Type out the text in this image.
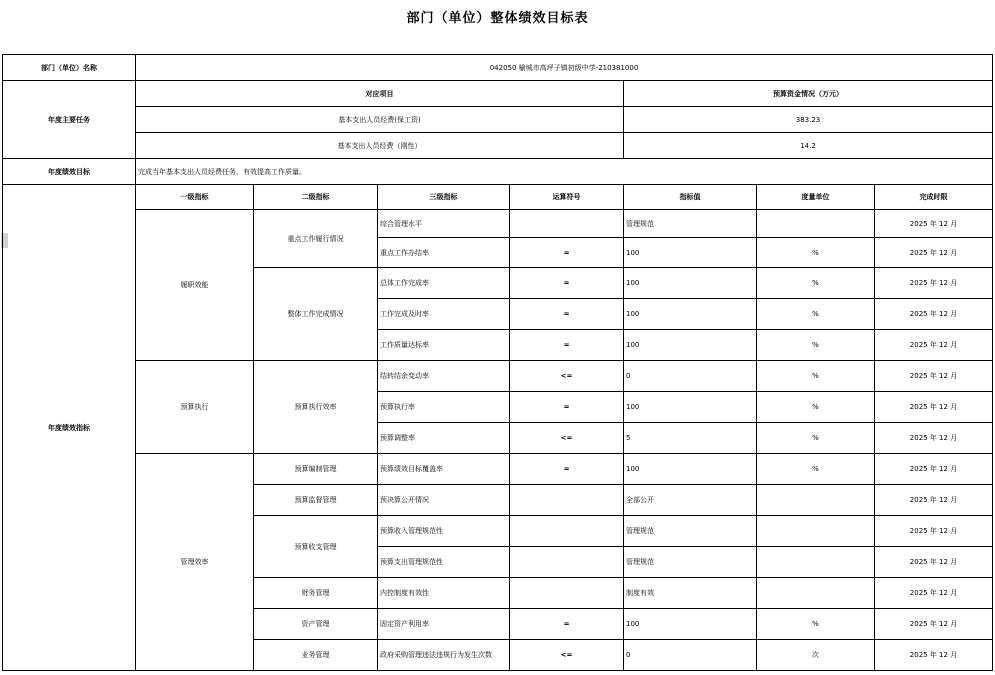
部门（单位）整体绩效目标表
部门（单位）名称	042050 榆城市高坪子镇初级中学-210381000						
年度主要任务	对应项目				预算资金情况（万元）		
	基本支出人员经费(保工资)				383.23		
	基本支出人员经费（刚性）				14.2		
年度绩效目标	完成当年基本支出人员经费任务，有效提高工作质量。						
年度绩效指标	一级指标	二级指标	三级指标	运算符号	指标值	度量单位	完成时限
	履职效能	重点工作履行情况	综合管理水平		管理规范		2025 年 12 月
			重点工作办结率	=	100	%	2025 年 12 月
		整体工作完成情况	总体工作完成率	=	100	%	2025 年 12 月
			工作完成及时率	=	100	%	2025 年 12 月
			工作质量达标率	=	100	%	2025 年 12 月
	预算执行	预算执行效率	结转结余变动率	<=	0	%	2025 年 12 月
			预算执行率	=	100	%	2025 年 12 月
			预算调整率	<=	5	%	2025 年 12 月
	管理效率	预算编制管理	预算绩效目标覆盖率	=	100	%	2025 年 12 月
		预算监督管理	预决算公开情况		全部公开		2025 年 12 月
		预算收支管理	预算收入管理规范性		管理规范		2025 年 12 月
			预算支出管理规范性		管理规范		2025 年 12 月
		财务管理	内控制度有效性		制度有效		2025 年 12 月
		资产管理	固定资产利用率	=	100	%	2025 年 12 月
		业务管理	政府采购管理违法违规行为发生次数	<=	0	次	2025 年 12 月
